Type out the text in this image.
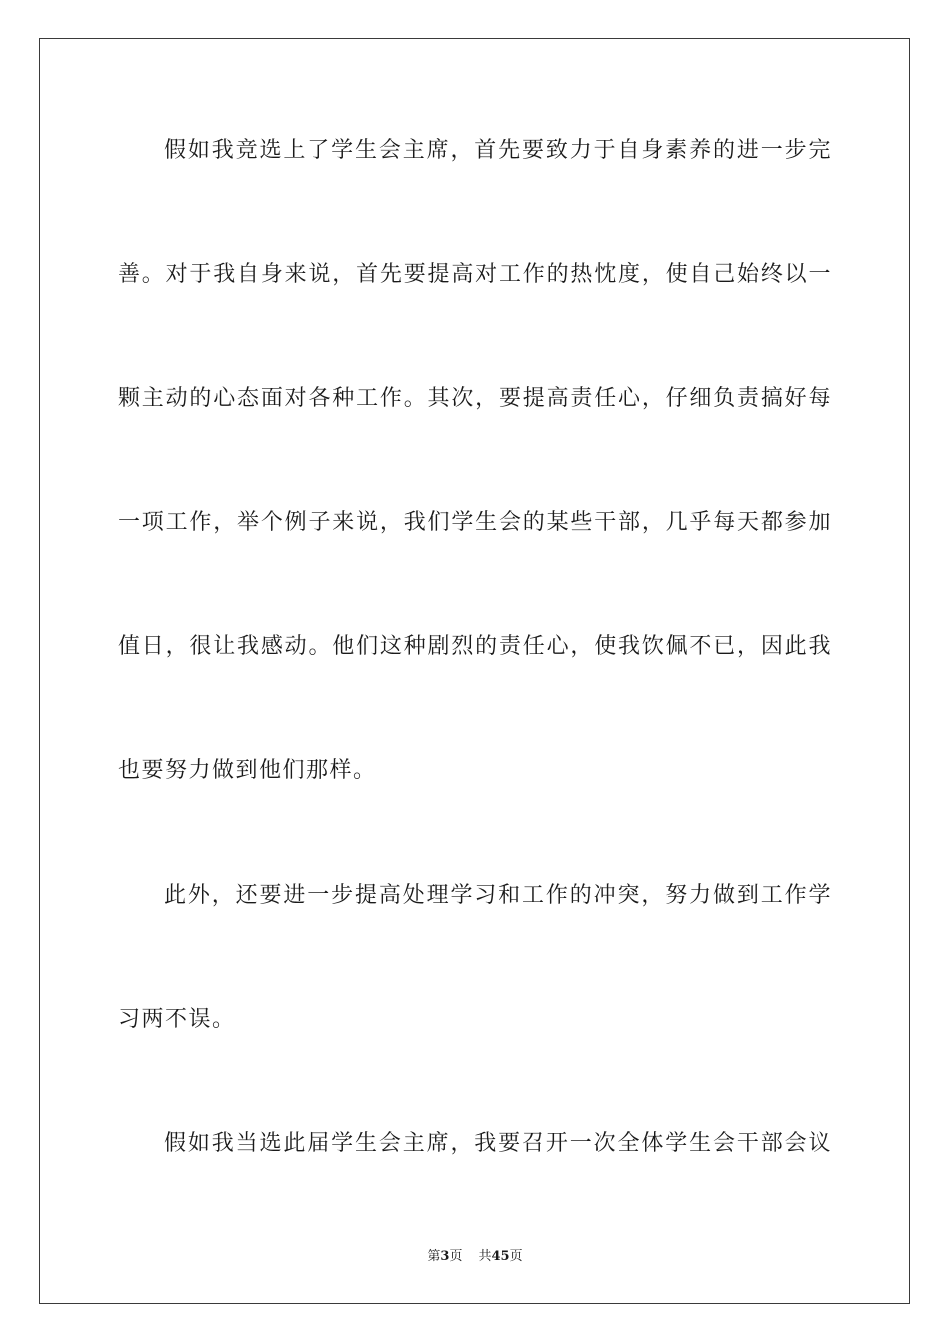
假如我竞选上了学生会主席，首先要致力于自身素养的进一步完
善。对于我自身来说，首先要提高对工作的热忱度，使自己始终以一
颗主动的心态面对各种工作。其次，要提高责任心，仔细负责搞好每
一项工作，举个例子来说，我们学生会的某些干部，几乎每天都参加
值日，很让我感动。他们这种剧烈的责任心，使我饮佩不已，因此我
也要努力做到他们那样。
此外，还要进一步提高处理学习和工作的冲突，努力做到工作学
习两不误。
假如我当选此届学生会主席，我要召开一次全体学生会干部会议
第3页 共45页
